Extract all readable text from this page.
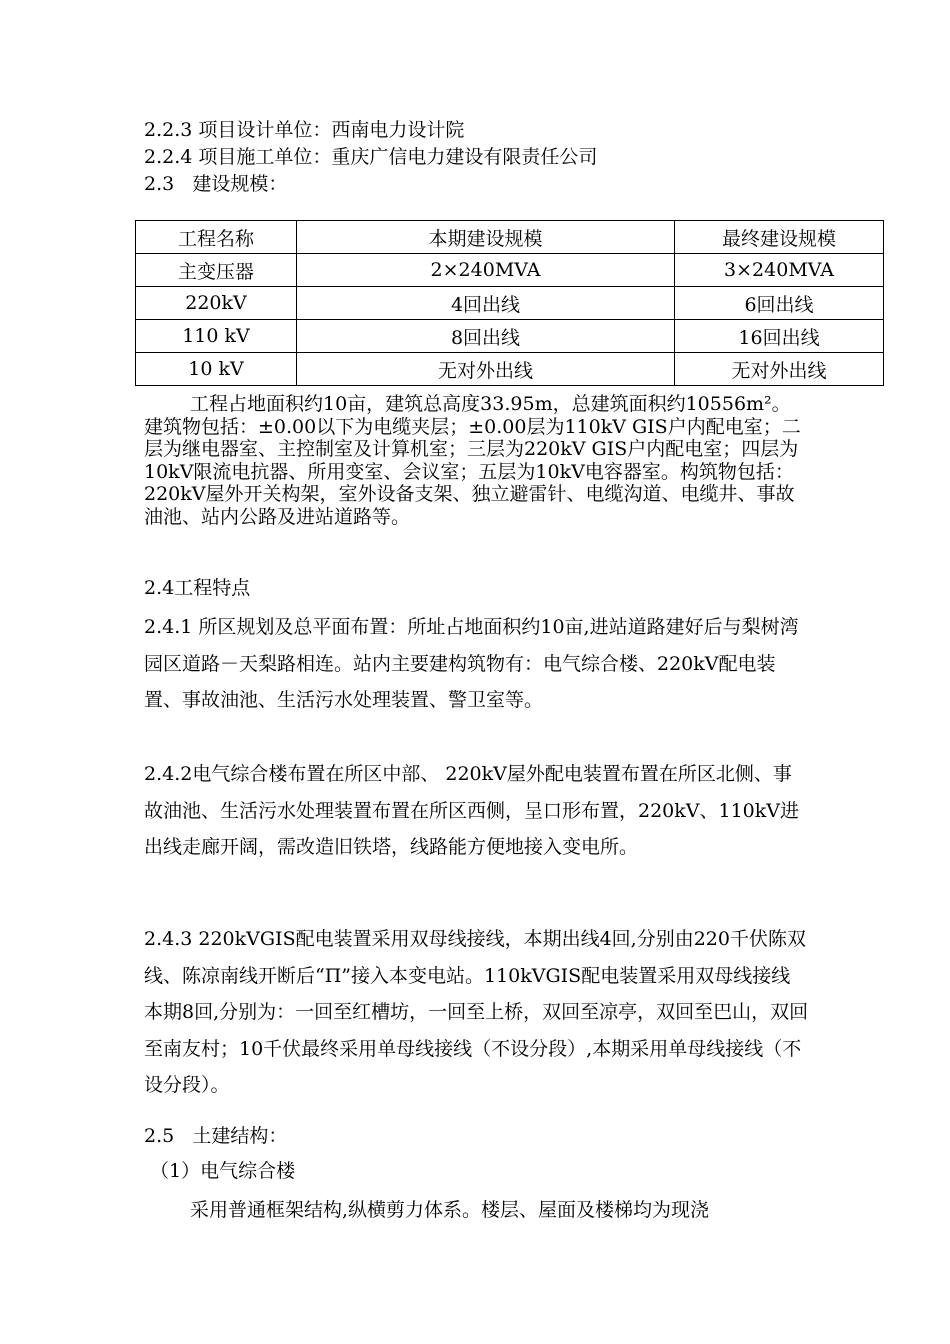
2.2.3 项目设计单位：西南电力设计院
2.2.4 项目施工单位：重庆广信电力建设有限责任公司
2.3   建设规模：
工程名称	本期建设规模	最终建设规模
主变压器	2×240MVA	3×240MVA
220kV	4回出线	6回出线
110 kV	8回出线	16回出线
10 kV	无对外出线	无对外出线
工程占地面积约10亩，建筑总高度33.95m，总建筑面积约10556m²。建筑物包括：±0.00以下为电缆夹层；±0.00层为110kV GIS户内配电室；二层为继电器室、主控制室及计算机室；三层为220kV GIS户内配电室；四层为10kV限流电抗器、所用变室、会议室；五层为10kV电容器室。构筑物包括：220kV屋外开关构架，室外设备支架、独立避雷针、电缆沟道、电缆井、事故油池、站内公路及进站道路等。
2.4工程特点
2.4.1 所区规划及总平面布置：所址占地面积约10亩,进站道路建好后与梨树湾园区道路－天梨路相连。站内主要建构筑物有：电气综合楼、220kV配电装置、事故油池、生活污水处理装置、警卫室等。
2.4.2电气综合楼布置在所区中部、 220kV屋外配电装置布置在所区北侧、事故油池、生活污水处理装置布置在所区西侧，呈口形布置，220kV、110kV进出线走廊开阔，需改造旧铁塔，线路能方便地接入变电所。
2.4.3 220kVGIS配电装置采用双母线接线，本期出线4回,分别由220千伏陈双线、陈凉南线开断后“Π”接入本变电站。110kVGIS配电装置采用双母线接线本期8回,分别为：一回至红槽坊，一回至上桥，双回至凉亭，双回至巴山，双回至南友村；10千伏最终采用单母线接线（不设分段）,本期采用单母线接线（不设分段）。
2.5   土建结构：
（1）电气综合楼
采用普通框架结构,纵横剪力体系。楼层、屋面及楼梯均为现浇
